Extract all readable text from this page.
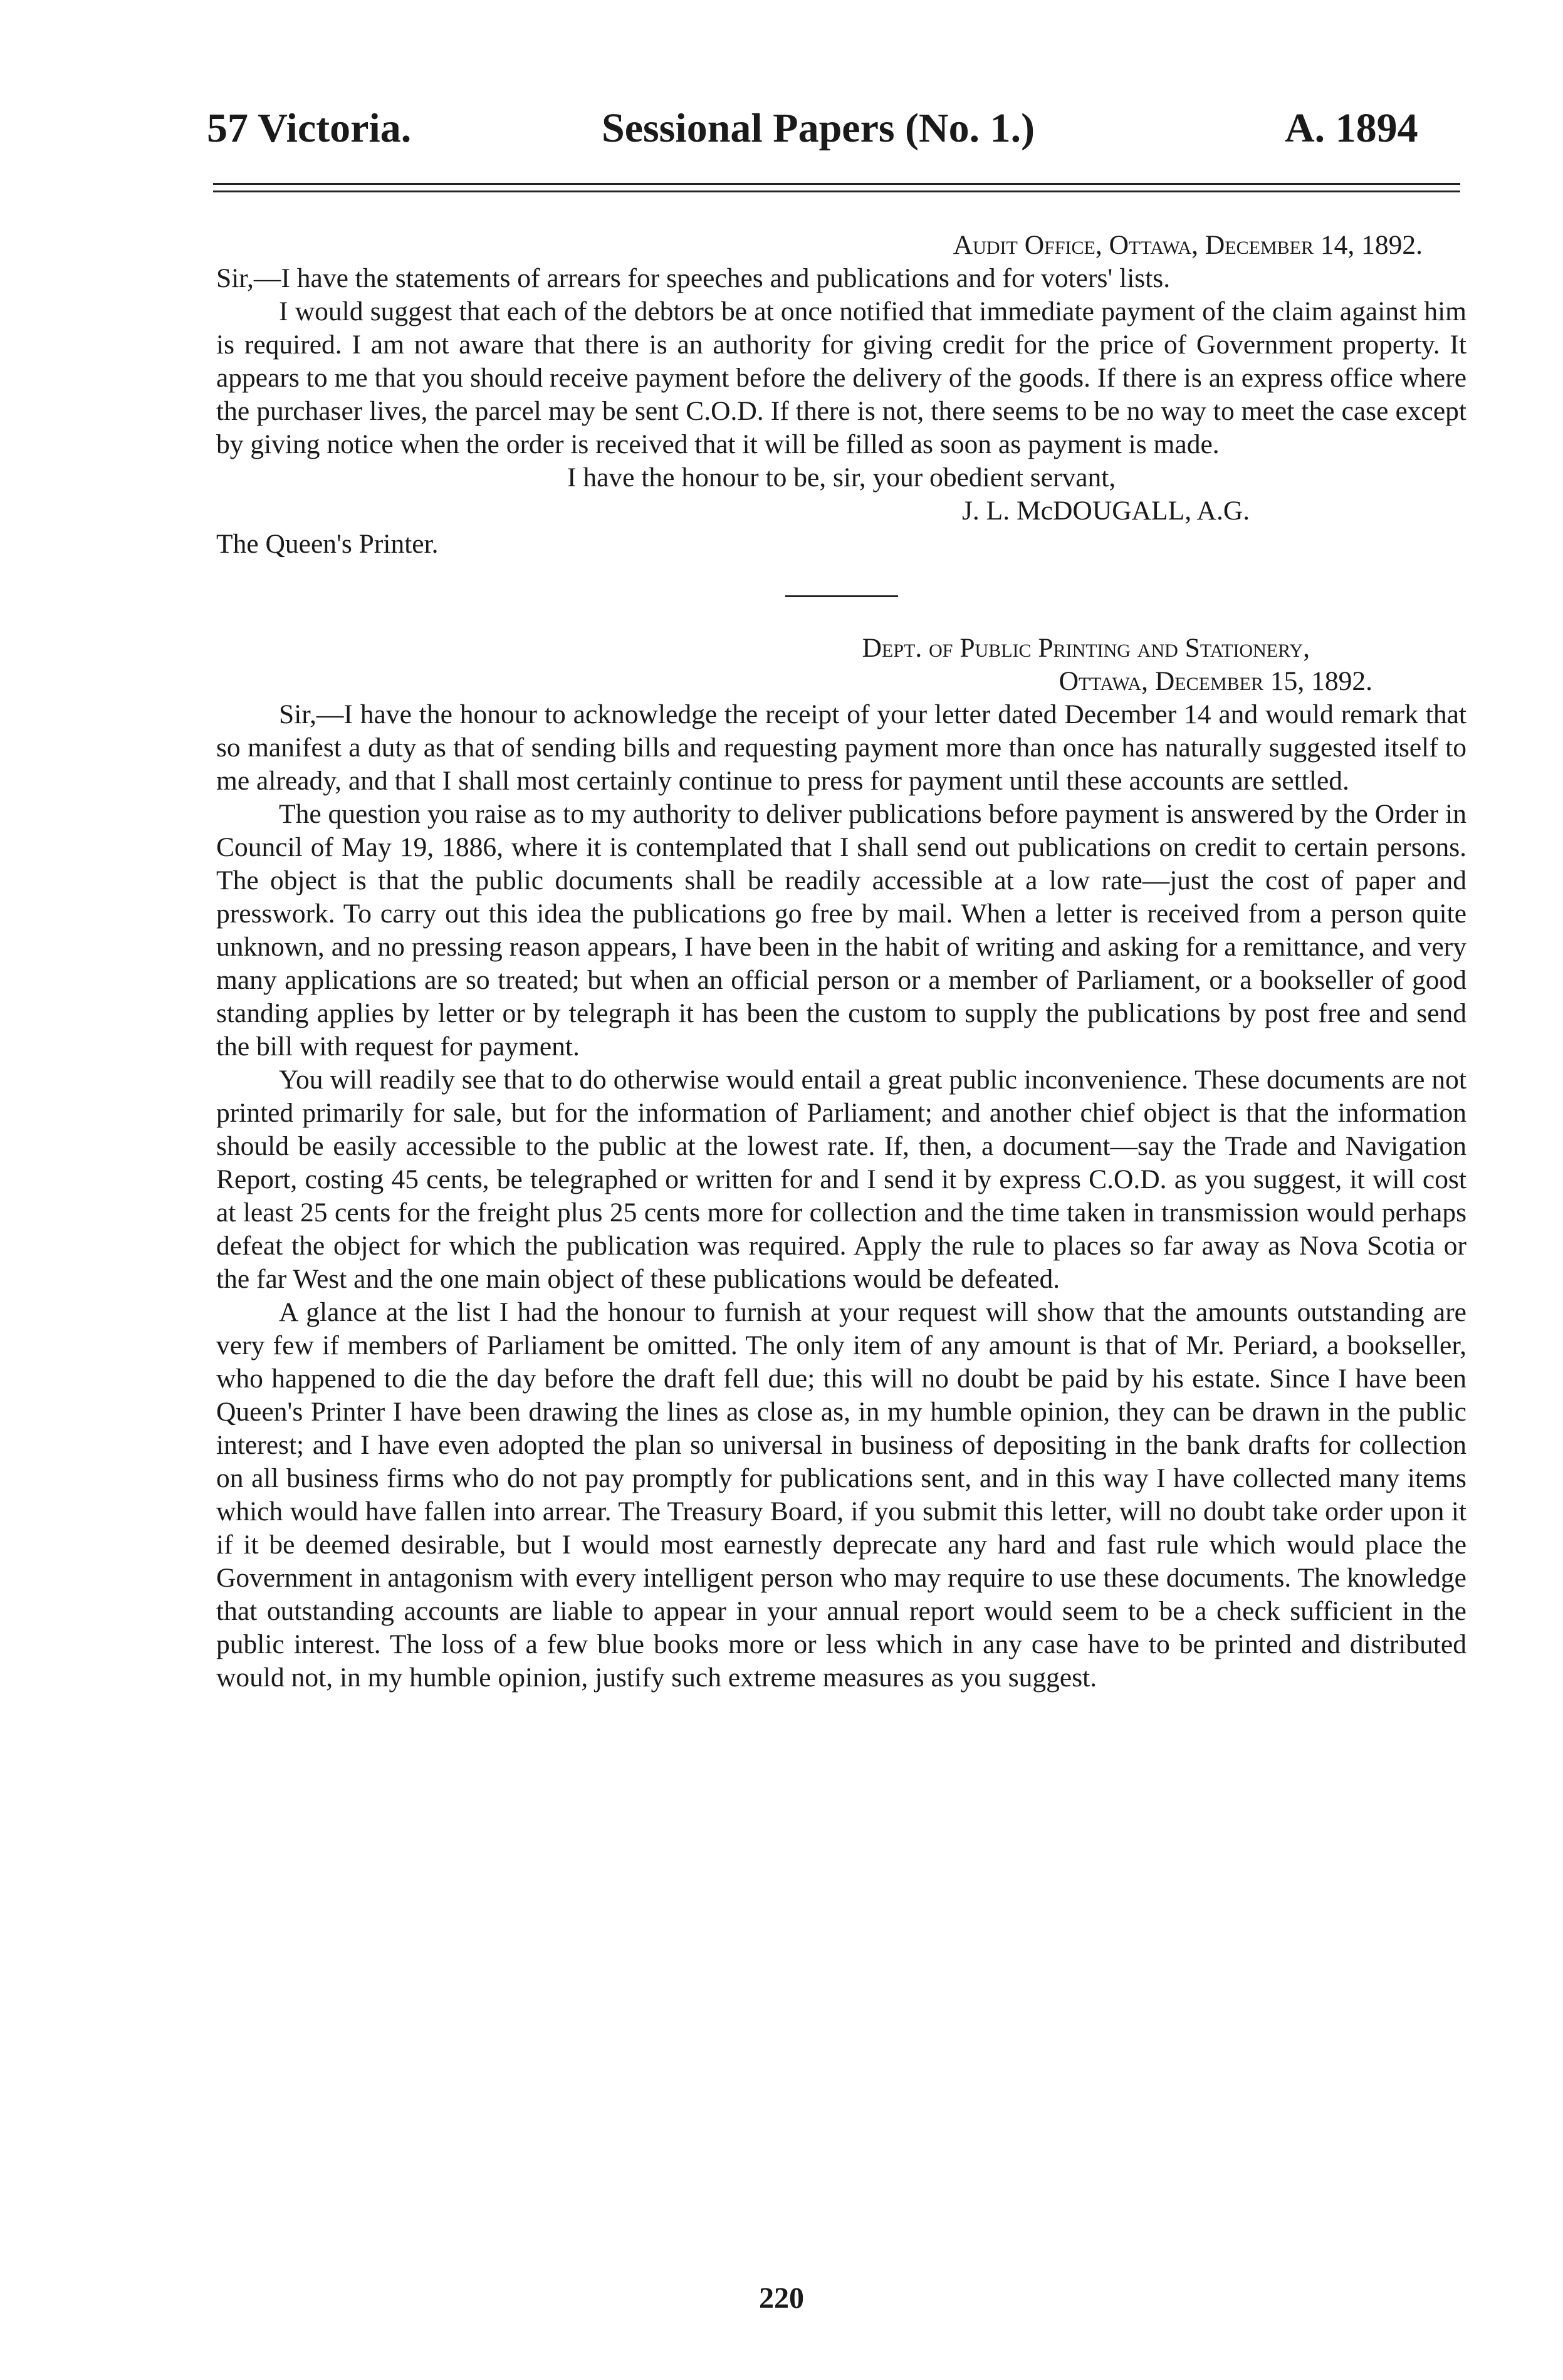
57 Victoria.	Sessional Papers (No. 1.)	A. 1894
Audit Office, Ottawa, December 14, 1892.

Sir,—I have the statements of arrears for speeches and publications and for voters' lists.

I would suggest that each of the debtors be at once notified that immediate payment of the claim against him is required. I am not aware that there is an authority for giving credit for the price of Government property. It appears to me that you should receive payment before the delivery of the goods. If there is an express office where the purchaser lives, the parcel may be sent C.O.D. If there is not, there seems to be no way to meet the case except by giving notice when the order is received that it will be filled as soon as payment is made.

I have the honour to be, sir, your obedient servant,
J. L. McDOUGALL, A.G.
The Queen's Printer.
Dept. of Public Printing and Stationery,
Ottawa, December 15, 1892.

Sir,—I have the honour to acknowledge the receipt of your letter dated December 14 and would remark that so manifest a duty as that of sending bills and requesting payment more than once has naturally suggested itself to me already, and that I shall most certainly continue to press for payment until these accounts are settled.

The question you raise as to my authority to deliver publications before payment is answered by the Order in Council of May 19, 1886, where it is contemplated that I shall send out publications on credit to certain persons. The object is that the public documents shall be readily accessible at a low rate—just the cost of paper and presswork. To carry out this idea the publications go free by mail. When a letter is received from a person quite unknown, and no pressing reason appears, I have been in the habit of writing and asking for a remittance, and very many applications are so treated; but when an official person or a member of Parliament, or a bookseller of good standing applies by letter or by telegraph it has been the custom to supply the publications by post free and send the bill with request for payment.

You will readily see that to do otherwise would entail a great public inconvenience. These documents are not printed primarily for sale, but for the information of Parliament; and another chief object is that the information should be easily accessible to the public at the lowest rate. If, then, a document—say the Trade and Navigation Report, costing 45 cents, be telegraphed or written for and I send it by express C.O.D. as you suggest, it will cost at least 25 cents for the freight plus 25 cents more for collection and the time taken in transmission would perhaps defeat the object for which the publication was required. Apply the rule to places so far away as Nova Scotia or the far West and the one main object of these publications would be defeated.

A glance at the list I had the honour to furnish at your request will show that the amounts outstanding are very few if members of Parliament be omitted. The only item of any amount is that of Mr. Periard, a bookseller, who happened to die the day before the draft fell due; this will no doubt be paid by his estate. Since I have been Queen's Printer I have been drawing the lines as close as, in my humble opinion, they can be drawn in the public interest; and I have even adopted the plan so universal in business of depositing in the bank drafts for collection on all business firms who do not pay promptly for publications sent, and in this way I have collected many items which would have fallen into arrear. The Treasury Board, if you submit this letter, will no doubt take order upon it if it be deemed desirable, but I would most earnestly deprecate any hard and fast rule which would place the Government in antagonism with every intelligent person who may require to use these documents. The knowledge that outstanding accounts are liable to appear in your annual report would seem to be a check sufficient in the public interest. The loss of a few blue books more or less which in any case have to be printed and distributed would not, in my humble opinion, justify such extreme measures as you suggest.

220
